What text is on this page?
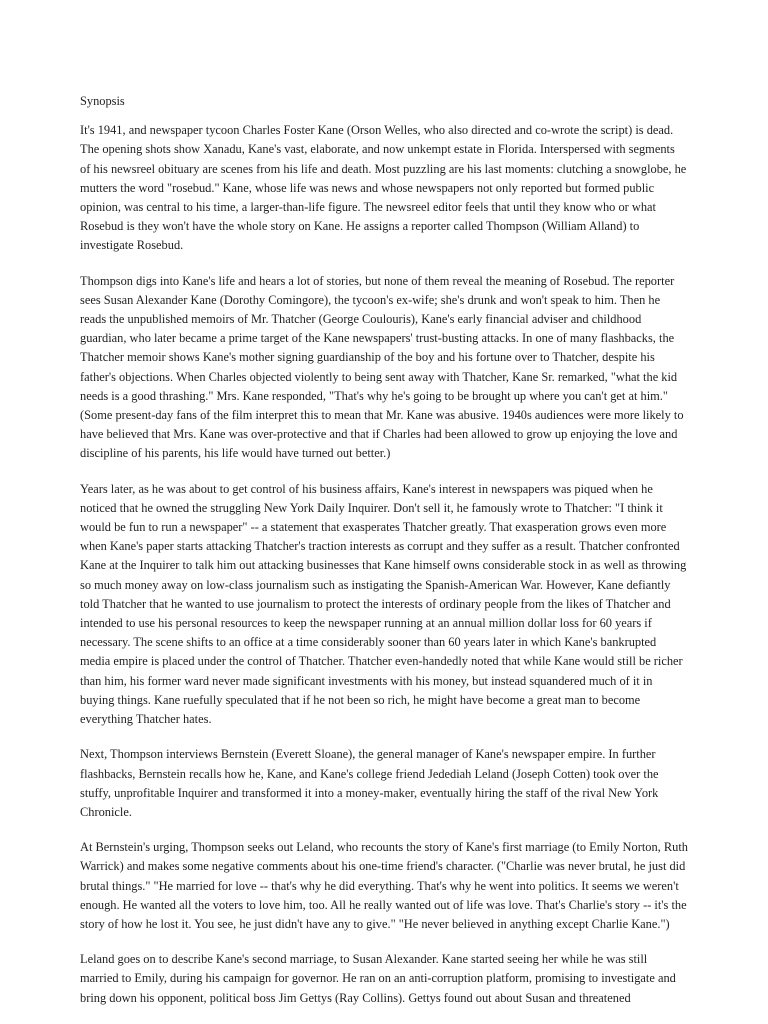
Synopsis

It's 1941, and newspaper tycoon Charles Foster Kane (Orson Welles, who also directed and co-wrote the script) is dead. The opening shots show Xanadu, Kane's vast, elaborate, and now unkempt estate in Florida. Interspersed with segments of his newsreel obituary are scenes from his life and death. Most puzzling are his last moments: clutching a snowglobe, he mutters the word "rosebud." Kane, whose life was news and whose newspapers not only reported but formed public opinion, was central to his time, a larger-than-life figure. The newsreel editor feels that until they know who or what Rosebud is they won't have the whole story on Kane. He assigns a reporter called Thompson (William Alland) to investigate Rosebud.

Thompson digs into Kane's life and hears a lot of stories, but none of them reveal the meaning of Rosebud. The reporter sees Susan Alexander Kane (Dorothy Comingore), the tycoon's ex-wife; she's drunk and won't speak to him. Then he reads the unpublished memoirs of Mr. Thatcher (George Coulouris), Kane's early financial adviser and childhood guardian, who later became a prime target of the Kane newspapers' trust-busting attacks. In one of many flashbacks, the Thatcher memoir shows Kane's mother signing guardianship of the boy and his fortune over to Thatcher, despite his father's objections. When Charles objected violently to being sent away with Thatcher, Kane Sr. remarked, "what the kid needs is a good thrashing." Mrs. Kane responded, "That's why he's going to be brought up where you can't get at him." (Some present-day fans of the film interpret this to mean that Mr. Kane was abusive. 1940s audiences were more likely to have believed that Mrs. Kane was over-protective and that if Charles had been allowed to grow up enjoying the love and discipline of his parents, his life would have turned out better.)

Years later, as he was about to get control of his business affairs, Kane's interest in newspapers was piqued when he noticed that he owned the struggling New York Daily Inquirer. Don't sell it, he famously wrote to Thatcher: "I think it would be fun to run a newspaper" -- a statement that exasperates Thatcher greatly. That exasperation grows even more when Kane's paper starts attacking Thatcher's traction interests as corrupt and they suffer as a result. Thatcher confronted Kane at the Inquirer to talk him out attacking businesses that Kane himself owns considerable stock in as well as throwing so much money away on low-class journalism such as instigating the Spanish-American War. However, Kane defiantly told Thatcher that he wanted to use journalism to protect the interests of ordinary people from the likes of Thatcher and intended to use his personal resources to keep the newspaper running at an annual million dollar loss for 60 years if necessary. The scene shifts to an office at a time considerably sooner than 60 years later in which Kane's bankrupted media empire is placed under the control of Thatcher. Thatcher even-handedly noted that while Kane would still be richer than him, his former ward never made significant investments with his money, but instead squandered much of it in buying things. Kane ruefully speculated that if he not been so rich, he might have become a great man to become everything Thatcher hates.

Next, Thompson interviews Bernstein (Everett Sloane), the general manager of Kane's newspaper empire. In further flashbacks, Bernstein recalls how he, Kane, and Kane's college friend Jedediah Leland (Joseph Cotten) took over the stuffy, unprofitable Inquirer and transformed it into a money-maker, eventually hiring the staff of the rival New York Chronicle.

At Bernstein's urging, Thompson seeks out Leland, who recounts the story of Kane's first marriage (to Emily Norton, Ruth Warrick) and makes some negative comments about his one-time friend's character. ("Charlie was never brutal, he just did brutal things." "He married for love -- that's why he did everything. That's why he went into politics. It seems we weren't enough. He wanted all the voters to love him, too. All he really wanted out of life was love. That's Charlie's story -- it's the story of how he lost it. You see, he just didn't have any to give." "He never believed in anything except Charlie Kane.")

Leland goes on to describe Kane's second marriage, to Susan Alexander. Kane started seeing her while he was still married to Emily, during his campaign for governor. He ran on an anti-corruption platform, promising to investigate and bring down his opponent, political boss Jim Gettys (Ray Collins). Gettys found out about Susan and threatened
